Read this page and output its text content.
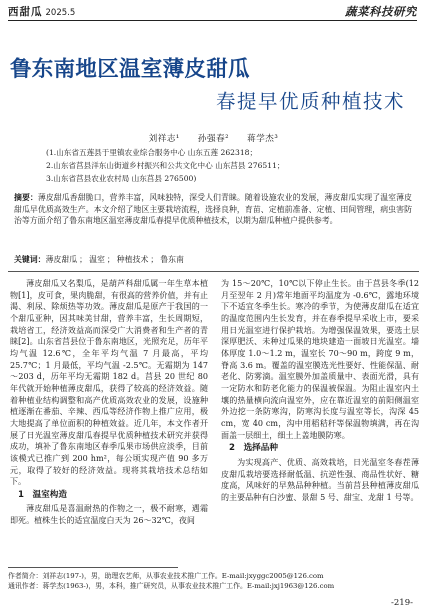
西甜瓜 2025.5	蔬菜科技研究
鲁东南地区温室薄皮甜瓜
春提早优质种植技术
刘祥志¹ 孙强春² 蒋学杰³
(1.山东省五莲县于里镇农业综合服务中心 山东五莲 262318；
2.山东省莒县洋东山街道乡村振兴和公共文化中心 山东莒县 276511；
3.山东省莒县农业农村局 山东莒县 276500)
摘要：薄皮甜瓜香甜脆口，营养丰富，风味独特，深受人们青睐。随着设施农业的发展，薄皮甜瓜实现了温室薄皮甜瓜早优质高效生产。本文介绍了地区主要栽培流程，选择良种，育苗、定植前准备、定植、田间管理，病虫害防治等方面介绍了鲁东南地区温室薄皮甜瓜春提早优质种植技术，以期为甜瓜种植户提供参考。
关键词：薄皮甜瓜 ； 温室 ； 种植技术 ； 鲁东南

薄皮甜瓜又名梨瓜，是葫芦科甜瓜属一年生草本植物[1]，皮可食，果肉脆甜，有很高的营养价值，并有止渴、利尿、除烦热等功效。薄皮甜瓜是原产于我国的一个甜瓜亚种，因其味美甘甜，营养丰富，生长周期短，栽培省工，经济效益高而深受广大消费者和生产者的青睐[2]。山东省莒县位于鲁东南地区，光照充足，历年平均气温 12.6℃，全年平均气温 7 月最高，平均 25.7℃；1 月最低，平均气温 -2.5℃。无霜期为 147～203 d，历年平均无霜期 182 d。莒县 20 世纪 80 年代就开始种植薄皮甜瓜，获得了较高的经济效益。随着种植业结构调整和高产优质高效农业的发展，设施种植逐渐在番茄、辛辣、西瓜等经济作物上推广应用，极大地提高了单位面积的种植效益。近几年，本文作者开展了日光温室薄皮甜瓜春提早优质种植技术研究并获得成功，填补了鲁东南地区春季瓜果市场供应淡季，目前该模式已推广到 200 hm²，每公顷实现产值 90 多万元，取得了较好的经济效益。现将其栽培技术总结如下。

1　温室构造

薄皮甜瓜是喜温耐热的作物之一，极不耐寒，遇霜即死。植株生长的适宜温度白天为 26～32℃，夜间

为 15～20℃，10℃以下停止生长。由于莒县冬季(12 月至翌年 2 月)常年地面平均温度为 -0.6℃，露地环境下不适宜冬季生长。寒冷的季节，为使薄皮甜瓜在适宜的温度范围内生长发育，并在春季提早采收上市，要采用日光温室进行保护栽培。为增强保温效果，要选土层深厚肥沃、未种过瓜果的地块建造一面坡日光温室。墙体厚度 1.0～1.2 m，温室长 70～90 m，跨度 9 m，脊高 3.6 m。覆盖的温室膜选光性要好、性能保温、耐老化、防雾滴。温室膜外加盖质量中、表面光滑，具有一定防水和防老化能力的保温被保温。为阻止温室内土壤的热量横向流向温室外，应在靠近温室的前阳侧温室外边挖一条防寒沟，防寒沟长度与温室等长，沟深 45 cm，宽 40 cm，沟中用稻秸秆等保温物填满，再在沟面盖一层细土，细土上盖地膜防寒。

2　选择品种

为实现高产、优质、高效栽培，日光温室冬春茬薄皮甜瓜栽培要选择耐低温、抗逆性强、商品性状好、糖度高，风味好的早熟品种种植。当前莒县种植薄皮甜瓜的主要品种有白沙蜜、景甜 5 号、甜宝、龙甜 1 号等。

作者简介：刘祥志(197-)，男，助理农艺师，从事农业技术推广工作。E-mail:jxyggc2005@126.com
通讯作者：蒋学杰(1963-)，男，本科，推广研究员，从事农业技术推广工作。E-mail:jxj1963@126.com
-219-
